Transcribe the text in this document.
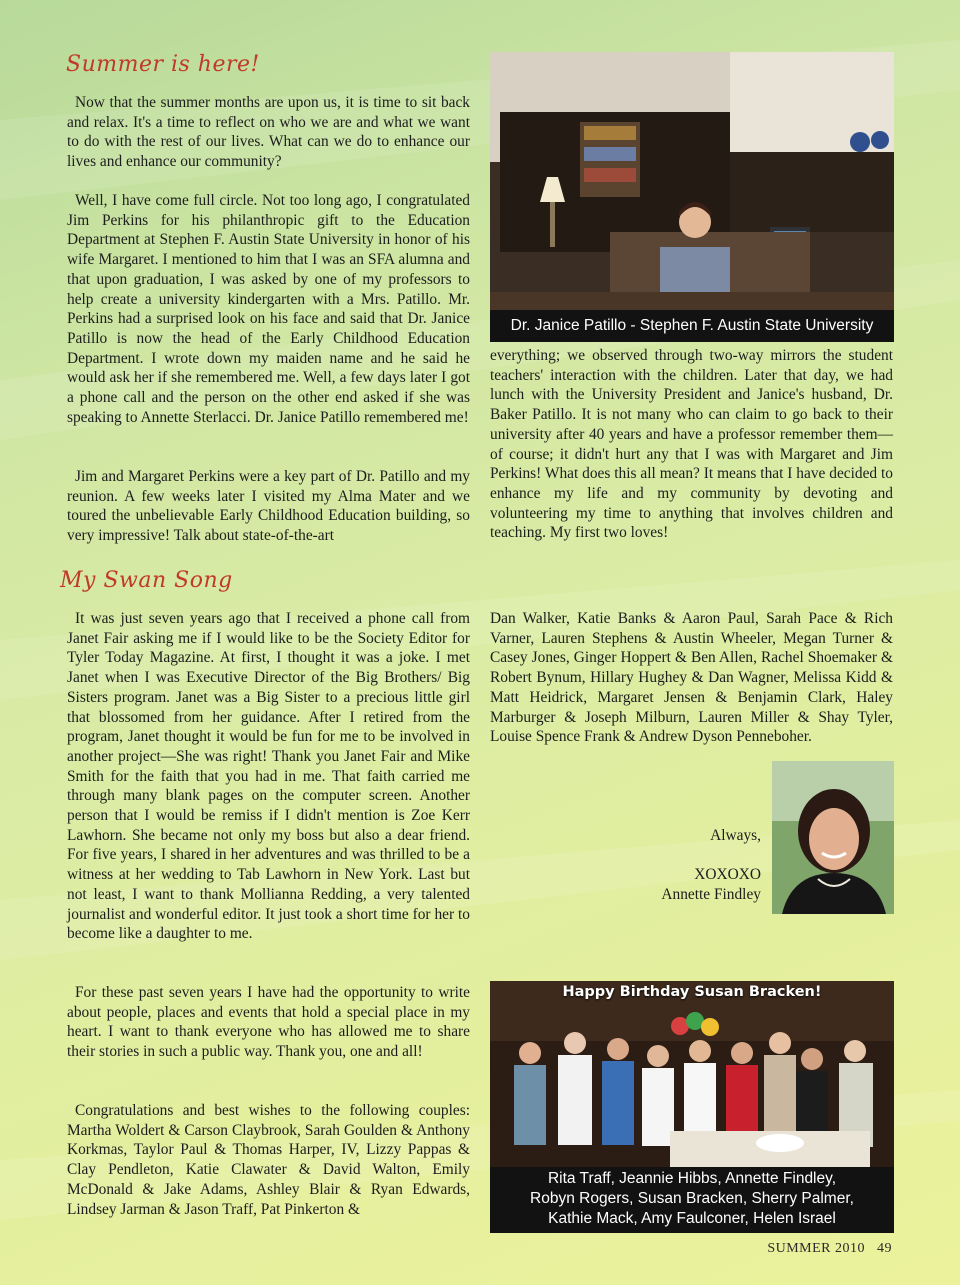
Summer is here!

Now that the summer months are upon us, it is time to sit back and relax. It's a time to reflect on who we are and what we want to do with the rest of our lives. What can we do to enhance our lives and enhance our community?

Well, I have come full circle. Not too long ago, I congratulated Jim Perkins for his philanthropic gift to the Education Department at Stephen F. Austin State University in honor of his wife Margaret. I mentioned to him that I was an SFA alumna and that upon graduation, I was asked by one of my professors to help create a university kindergarten with a Mrs. Patillo. Mr. Perkins had a surprised look on his face and said that Dr. Janice Patillo is now the head of the Early Childhood Education Department. I wrote down my maiden name and he said he would ask her if she remembered me. Well, a few days later I got a phone call and the person on the other end asked if she was speaking to Annette Sterlacci. Dr. Janice Patillo remembered me!

Jim and Margaret Perkins were a key part of Dr. Patillo and my reunion. A few weeks later I visited my Alma Mater and we toured the unbelievable Early Childhood Education building, so very impressive! Talk about state-of-the-art

everything; we observed through two-way mirrors the student teachers' interaction with the children. Later that day, we had lunch with the University President and Janice's husband, Dr. Baker Patillo. It is not many who can claim to go back to their university after 40 years and have a professor remember them— of course; it didn't hurt any that I was with Margaret and Jim Perkins! What does this all mean? It means that I have decided to enhance my life and my community by devoting and volunteering my time to anything that involves children and teaching. My first two loves!

Dr. Janice Patillo - Stephen F. Austin State University
My Swan Song

It was just seven years ago that I received a phone call from Janet Fair asking me if I would like to be the Society Editor for Tyler Today Magazine. At first, I thought it was a joke. I met Janet when I was Executive Director of the Big Brothers/ Big Sisters program. Janet was a Big Sister to a precious little girl that blossomed from her guidance. After I retired from the program, Janet thought it would be fun for me to be involved in another project—She was right! Thank you Janet Fair and Mike Smith for the faith that you had in me. That faith carried me through many blank pages on the computer screen. Another person that I would be remiss if I didn't mention is Zoe Kerr Lawhorn. She became not only my boss but also a dear friend. For five years, I shared in her adventures and was thrilled to be a witness at her wedding to Tab Lawhorn in New York. Last but not least, I want to thank Mollianna Redding, a very talented journalist and wonderful editor. It just took a short time for her to become like a daughter to me.

For these past seven years I have had the opportunity to write about people, places and events that hold a special place in my heart. I want to thank everyone who has allowed me to share their stories in such a public way. Thank you, one and all!

Congratulations and best wishes to the following couples: Martha Woldert & Carson Claybrook, Sarah Goulden & Anthony Korkmas, Taylor Paul & Thomas Harper, IV, Lizzy Pappas & Clay Pendleton, Katie Clawater & David Walton, Emily McDonald & Jake Adams, Ashley Blair & Ryan Edwards, Lindsey Jarman & Jason Traff, Pat Pinkerton &

Dan Walker, Katie Banks & Aaron Paul, Sarah Pace & Rich Varner, Lauren Stephens & Austin Wheeler, Megan Turner & Casey Jones, Ginger Hoppert & Ben Allen, Rachel Shoemaker & Robert Bynum, Hillary Hughey & Dan Wagner, Melissa Kidd & Matt Heidrick, Margaret Jensen & Benjamin Clark, Haley Marburger & Joseph Milburn, Lauren Miller & Shay Tyler, Louise Spence Frank & Andrew Dyson Penneboher.

Always,
XOXOXO
Annette Findley
Happy Birthday Susan Bracken!
Rita Traff, Jeannie Hibbs, Annette Findley,
Robyn Rogers, Susan Bracken, Sherry Palmer,
Kathie Mack, Amy Faulconer, Helen Israel
SUMMER 2010 49
